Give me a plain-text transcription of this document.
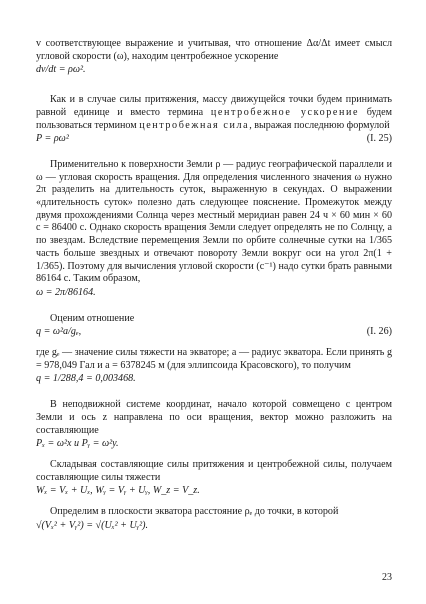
v соответствующее выражение и учитывая, что отношение Δα/Δt имеет смысл угловой скорости (ω), находим центробежное ускорение

dv/dt = ρω².

Как и в случае силы притяжения, массу движущейся точки будем принимать равной единице и вместо термина центробежное ускорение будем пользоваться термином центробежная сила, выражая последнюю формулой

P = ρω²	(I. 25)

Применительно к поверхности Земли ρ — радиус географической параллели и ω — угловая скорость вращения. Для определения численного значения ω нужно 2π разделить на длительность суток, выраженную в секундах. О выражении «длительность суток» полезно дать следующее пояснение. Промежуток между двумя прохождениями Солнца через местный меридиан равен 24 ч × 60 мин × 60 с = 86400 с. Однако скорость вращения Земли следует определять не по Солнцу, а по звездам. Вследствие перемещения Земли по орбите солнечные сутки на 1/365 часть больше звездных и отвечают повороту Земли вокруг оси на угол 2π(1 + 1/365). Поэтому для вычисления угловой скорости (с⁻¹) надо сутки брать равными 86164 с. Таким образом,

ω = 2π/86164.

Оценим отношение

q = ω²a/gₑ,	(I. 26)

где gₑ — значение силы тяжести на экваторе; a — радиус экватора. Если принять g = 978,049 Гал и a = 6378245 м (для эллипсоида Красовского), то получим

q = 1/288,4 = 0,003468.

В неподвижной системе координат, начало которой совмещено с центром Земли и ось z направлена по оси вращения, вектор можно разложить на составляющие

Pₓ = ω²x и Pᵧ = ω²y.

Складывая составляющие силы притяжения и центробежной силы, получаем составляющие силы тяжести

Wₓ = Vₓ + Uₓ, Wᵧ = Vᵧ + Uᵧ, W_z = V_z.

Определим в плоскости экватора расстояние ρₑ до точки, в которой

√(Vₓ² + Vᵧ²) = √(Uₓ² + Uᵧ²).
23
